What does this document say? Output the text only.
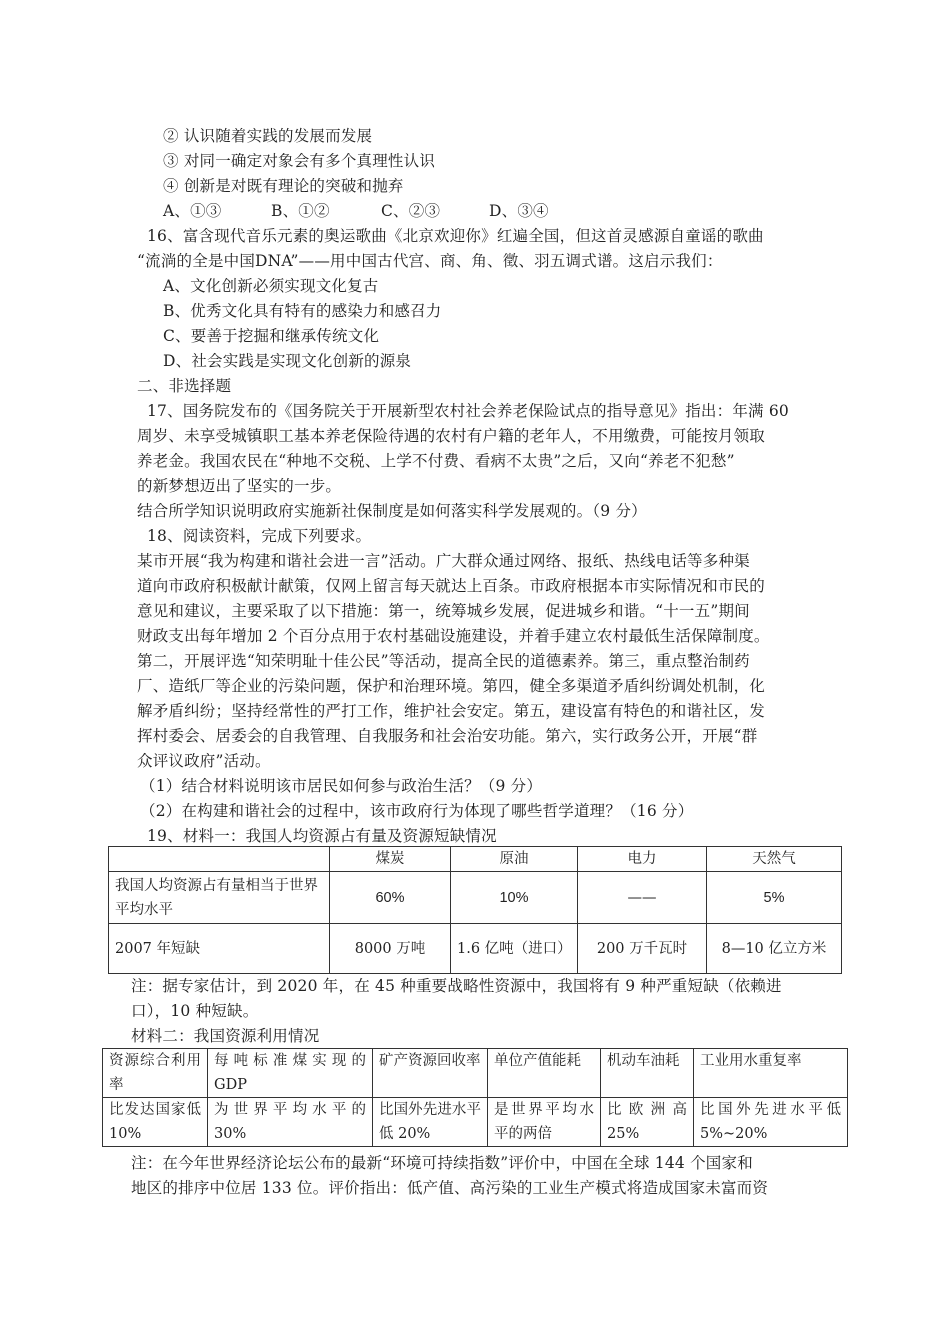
② 认识随着实践的发展而发展
③ 对同一确定对象会有多个真理性认识
④ 创新是对既有理论的突破和抛弃
A、①③	B、①②	C、②③	D、③④
16、富含现代音乐元素的奥运歌曲《北京欢迎你》红遍全国，但这首灵感源自童谣的歌曲
“流淌的全是中国DNA”——用中国古代宫、商、角、徵、羽五调式谱。这启示我们：
A、文化创新必须实现文化复古
B、优秀文化具有特有的感染力和感召力
C、要善于挖掘和继承传统文化
D、社会实践是实现文化创新的源泉
二、非选择题
17、国务院发布的《国务院关于开展新型农村社会养老保险试点的指导意见》指出：年满 60
周岁、未享受城镇职工基本养老保险待遇的农村有户籍的老年人，不用缴费，可能按月领取
养老金。我国农民在“种地不交税、上学不付费、看病不太贵”之后，又向“养老不犯愁”
的新梦想迈出了坚实的一步。
结合所学知识说明政府实施新社保制度是如何落实科学发展观的。（9 分）
18、阅读资料，完成下列要求。
某市开展“我为构建和谐社会进一言”活动。广大群众通过网络、报纸、热线电话等多种渠
道向市政府积极献计献策，仅网上留言每天就达上百条。市政府根据本市实际情况和市民的
意见和建议，主要采取了以下措施：第一，统筹城乡发展，促进城乡和谐。“十一五”期间
财政支出每年增加 2 个百分点用于农村基础设施建设，并着手建立农村最低生活保障制度。
第二，开展评选“知荣明耻十佳公民”等活动，提高全民的道德素养。第三，重点整治制药
厂、造纸厂等企业的污染问题，保护和治理环境。第四，健全多渠道矛盾纠纷调处机制，化
解矛盾纠纷；坚持经常性的严打工作，维护社会安定。第五，建设富有特色的和谐社区，发
挥村委会、居委会的自我管理、自我服务和社会治安功能。第六，实行政务公开，开展“群
众评议政府”活动。
（1）结合材料说明该市居民如何参与政治生活？（9 分）
（2）在构建和谐社会的过程中，该市政府行为体现了哪些哲学道理？（16 分）
19、材料一：我国人均资源占有量及资源短缺情况
	煤炭	原油	电力	天然气
我国人均资源占有量相当于世界平均水平	60%	10%	——	5%
2007 年短缺	8000 万吨	1.6 亿吨（进口）	200 万千瓦时	8—10 亿立方米
注：据专家估计，到 2020 年，在 45 种重要战略性资源中，我国将有 9 种严重短缺（依赖进
口），10 种短缺。
材料二：我国资源利用情况
资源综合利用率	每吨标准煤实现的 GDP	矿产资源回收率	单位产值能耗	机动车油耗	工业用水重复率
比发达国家低 10%	为世界平均水平的 30%	比国外先进水平低 20%	是世界平均水平的两倍	比欧洲高 25%	比国外先进水平低 5%~20%
注：在今年世界经济论坛公布的最新“环境可持续指数”评价中，中国在全球 144 个国家和
地区的排序中位居 133 位。评价指出：低产值、高污染的工业生产模式将造成国家未富而资
